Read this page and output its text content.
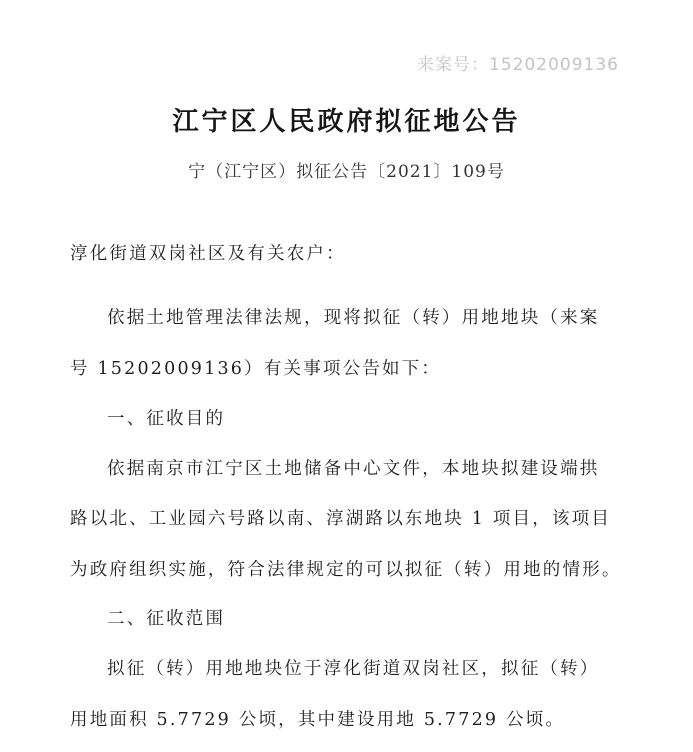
来案号：15202009136
江宁区人民政府拟征地公告
宁（江宁区）拟征公告〔2021〕109号
淳化街道双岗社区及有关农户：
依据土地管理法律法规，现将拟征（转）用地地块（来案
号 15202009136）有关事项公告如下：
一、征收目的
依据南京市江宁区土地储备中心文件，本地块拟建设端拱
路以北、工业园六号路以南、淳湖路以东地块 1 项目，该项目
为政府组织实施，符合法律规定的可以拟征（转）用地的情形。
二、征收范围
拟征（转）用地地块位于淳化街道双岗社区，拟征（转）
用地面积 5.7729 公顷，其中建设用地 5.7729 公顷。
